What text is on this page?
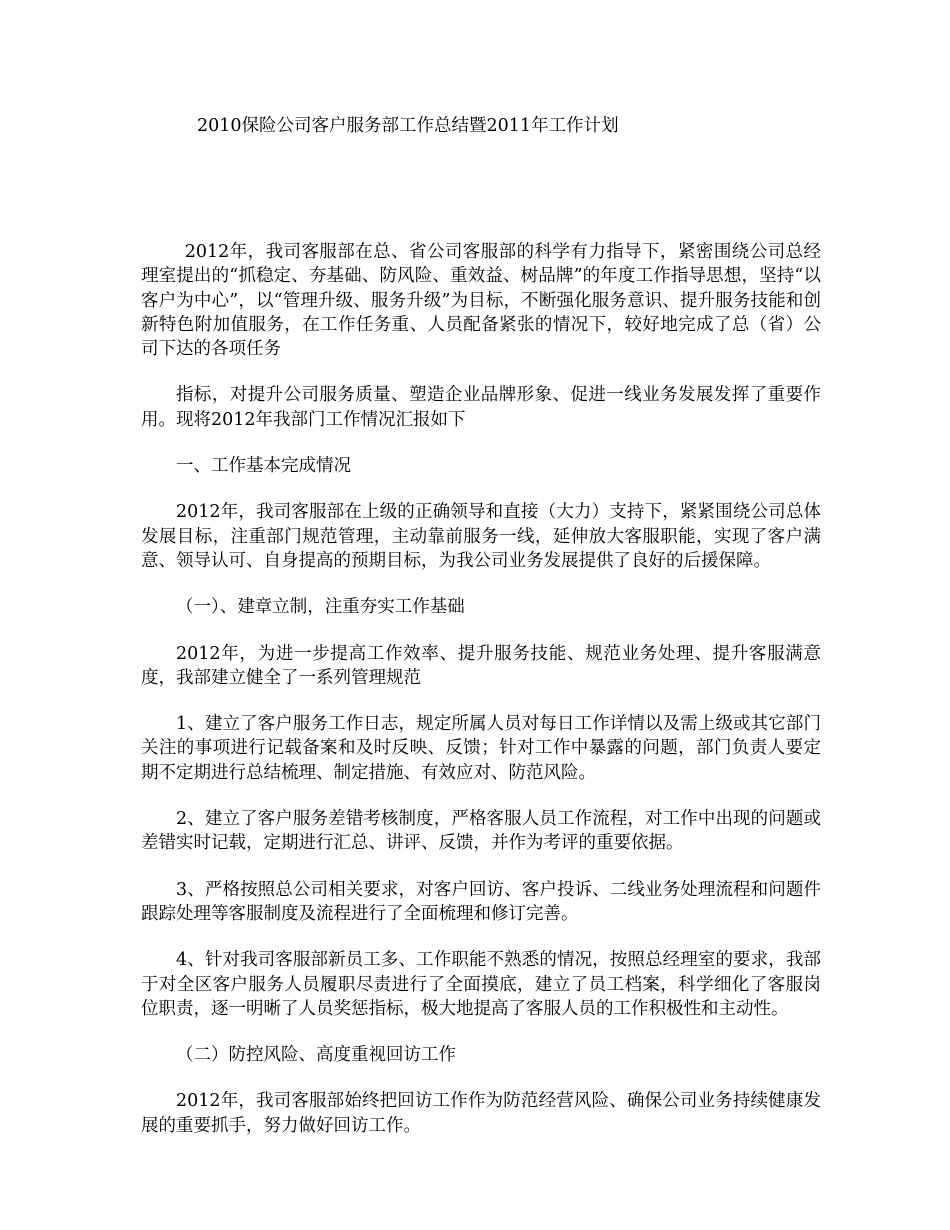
2010保险公司客户服务部工作总结暨2011年工作计划

2012年，我司客服部在总、省公司客服部的科学有力指导下，紧密围绕公司总经理室提出的“抓稳定、夯基础、防风险、重效益、树品牌”的年度工作指导思想，坚持“以客户为中心”，以“管理升级、服务升级”为目标，不断强化服务意识、提升服务技能和创新特色附加值服务，在工作任务重、人员配备紧张的情况下，较好地完成了总（省）公司下达的各项任务

指标，对提升公司服务质量、塑造企业品牌形象、促进一线业务发展发挥了重要作用。现将2012年我部门工作情况汇报如下

一、工作基本完成情况

2012年，我司客服部在上级的正确领导和直接（大力）支持下，紧紧围绕公司总体发展目标，注重部门规范管理，主动靠前服务一线，延伸放大客服职能，实现了客户满意、领导认可、自身提高的预期目标，为我公司业务发展提供了良好的后援保障。

（一）、建章立制，注重夯实工作基础

2012年，为进一步提高工作效率、提升服务技能、规范业务处理、提升客服满意度，我部建立健全了一系列管理规范

1、建立了客户服务工作日志，规定所属人员对每日工作详情以及需上级或其它部门关注的事项进行记载备案和及时反映、反馈；针对工作中暴露的问题，部门负责人要定期不定期进行总结梳理、制定措施、有效应对、防范风险。

2、建立了客户服务差错考核制度，严格客服人员工作流程，对工作中出现的问题或差错实时记载，定期进行汇总、讲评、反馈，并作为考评的重要依据。

3、严格按照总公司相关要求，对客户回访、客户投诉、二线业务处理流程和问题件跟踪处理等客服制度及流程进行了全面梳理和修订完善。

4、针对我司客服部新员工多、工作职能不熟悉的情况，按照总经理室的要求，我部于对全区客户服务人员履职尽责进行了全面摸底，建立了员工档案，科学细化了客服岗位职责，逐一明晰了人员奖惩指标，极大地提高了客服人员的工作积极性和主动性。

（二）防控风险、高度重视回访工作

2012年，我司客服部始终把回访工作作为防范经营风险、确保公司业务持续健康发展的重要抓手，努力做好回访工作。
